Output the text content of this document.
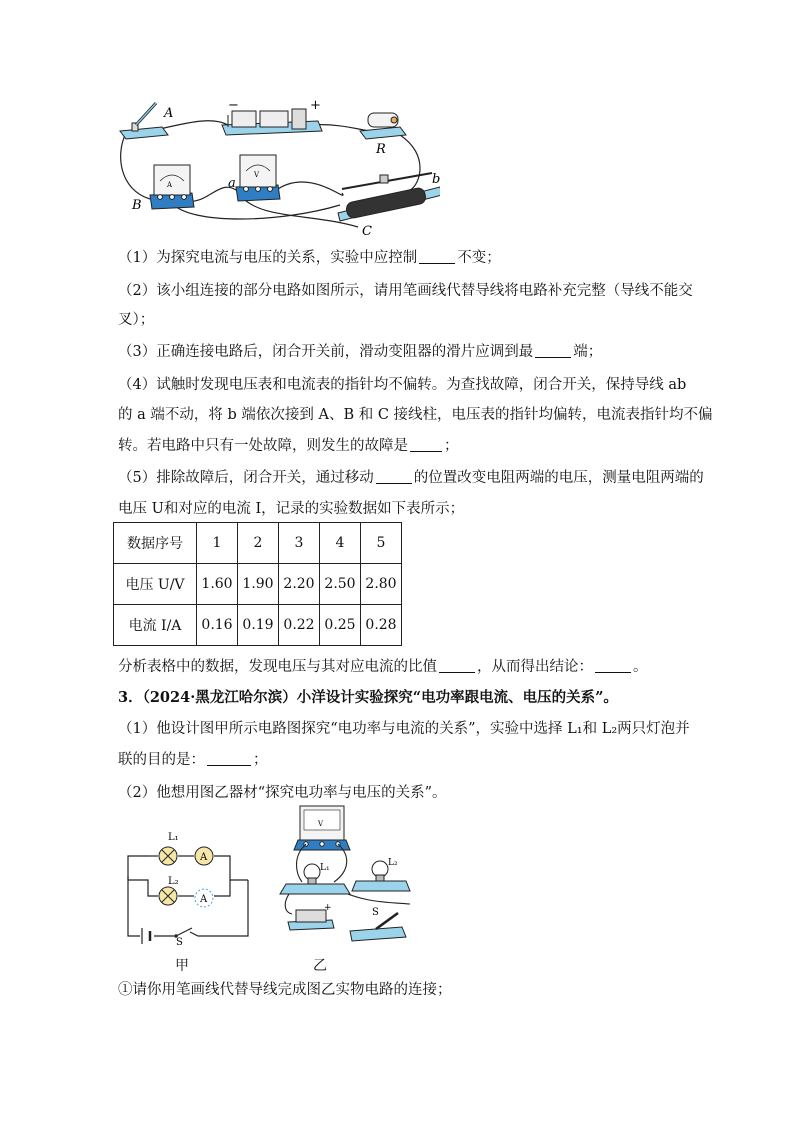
A
−	+
R
A
B
V
a	b
C
（1）为探究电流与电压的关系，实验中应控制	不变；
（2）该小组连接的部分电路如图所示，请用笔画线代替导线将电路补充完整（导线不能交
叉）；
（3）正确连接电路后，闭合开关前，滑动变阻器的滑片应调到最	端；
（4）试触时发现电压表和电流表的指针均不偏转。为查找故障，闭合开关，保持导线 ab
的 a 端不动，将 b 端依次接到 A、B 和 C 接线柱，电压表的指针均偏转，电流表指针均不偏
转。若电路中只有一处故障，则发生的故障是 ；
（5）排除故障后，闭合开关，通过移动	的位置改变电阻两端的电压，测量电阻两端的
电压 U和对应的电流 I，记录的实验数据如下表所示；
数据序号	1	2	3	4	5
电压 U/V	1.60	1.90	2.20	2.50	2.80
电流 I/A	0.16	0.19	0.22	0.25	0.28
分析表格中的数据，发现电压与其对应电流的比值	，从而得出结论：	。
3．（2024·黑龙江哈尔滨）小洋设计实验探究“电功率跟电流、电压的关系”。
（1）他设计图甲所示电路图探究“电功率与电流的关系”，实验中选择 L₁和 L₂两只灯泡并
联的目的是：	；
（2）他想用图乙器材“探究电功率与电压的关系”。
A
A
L₁
L₂
S
V
L₁
+
L₂
S
甲	乙
①请你用笔画线代替导线完成图乙实物电路的连接；
